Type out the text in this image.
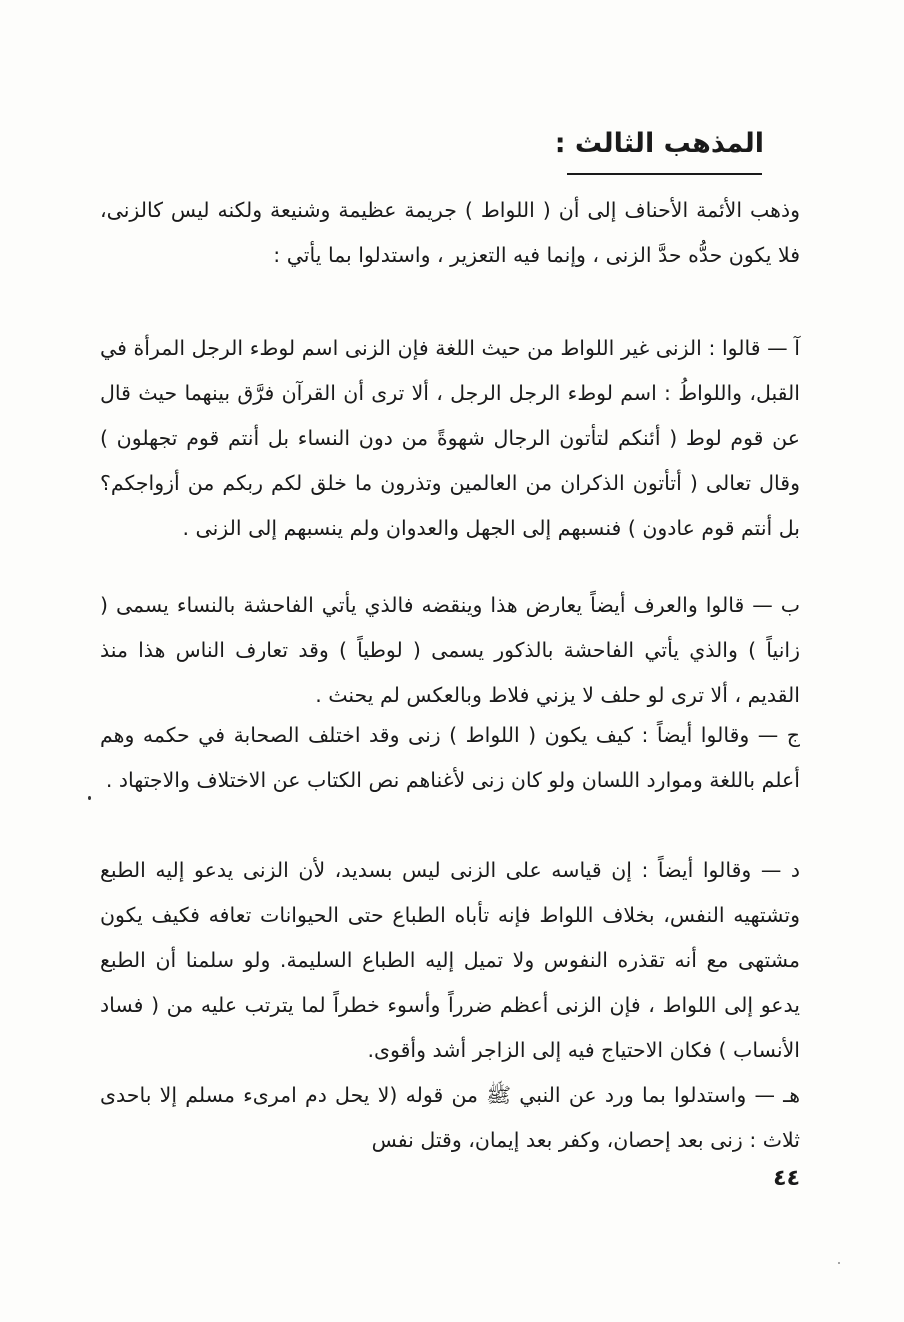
المذهب الثالث :

وذهب الأئمة الأحناف إلى أن ( اللواط ) جريمة عظيمة وشنيعة ولكنه ليس كالزنى، فلا يكون حدُّه حدَّ الزنى ، وإنما فيه التعزير ، واستدلوا بما يأتي :

آ — قالوا : الزنى غير اللواط من حيث اللغة فإن الزنى اسم لوطء الرجل المرأة في القبل، واللواطُ : اسم لوطء الرجل الرجل ، ألا ترى أن القرآن فرَّق بينهما حيث قال عن قوم لوط ( أئنكم لتأتون الرجال شهوةً من دون النساء بل أنتم قوم تجهلون ) وقال تعالى ( أتأتون الذكران من العالمين وتذرون ما خلق لكم ربكم من أزواجكم؟ بل أنتم قوم عادون ) فنسبهم إلى الجهل والعدوان ولم ينسبهم إلى الزنى .

ب — قالوا والعرف أيضاً يعارض هذا وينقضه فالذي يأتي الفاحشة بالنساء يسمى ( زانياً ) والذي يأتي الفاحشة بالذكور يسمى ( لوطياً ) وقد تعارف الناس هذا منذ القديم ، ألا ترى لو حلف لا يزني فلاط وبالعكس لم يحنث .

ج — وقالوا أيضاً : كيف يكون ( اللواط ) زنى وقد اختلف الصحابة في حكمه وهم أعلم باللغة وموارد اللسان ولو كان زنى لأغناهم نص الكتاب عن الاختلاف والاجتهاد .

د — وقالوا أيضاً : إن قياسه على الزنى ليس بسديد، لأن الزنى يدعو إليه الطبع وتشتهيه النفس، بخلاف اللواط فإنه تأباه الطباع حتى الحيوانات تعافه فكيف يكون مشتهى مع أنه تقذره النفوس ولا تميل إليه الطباع السليمة. ولو سلمنا أن الطبع يدعو إلى اللواط ، فإن الزنى أعظم ضرراً وأسوء خطراً لما يترتب عليه من ( فساد الأنساب ) فكان الاحتياج فيه إلى الزاجر أشد وأقوى.

هـ — واستدلوا بما ورد عن النبي ﷺ من قوله (لا يحل دم امرىء مسلم إلا باحدى ثلاث : زنى بعد إحصان، وكفر بعد إيمان، وقتل نفس

٤٤
